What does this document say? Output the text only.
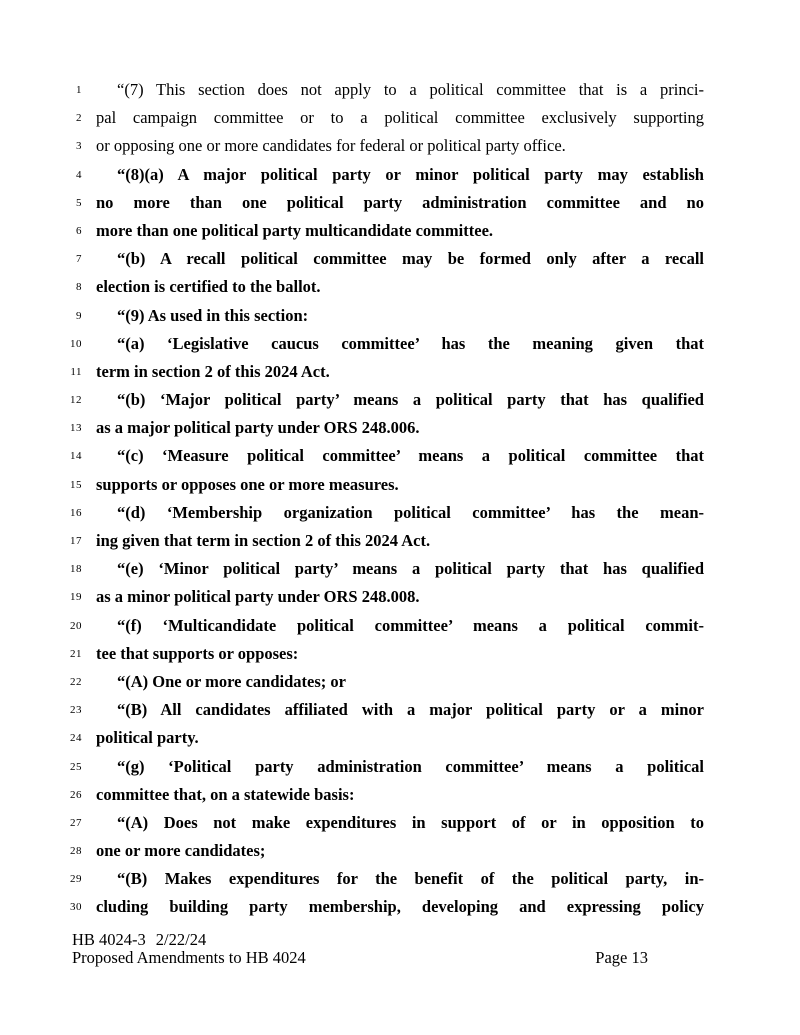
1	“(7) This section does not apply to a political committee that is a princi-
2 pal campaign committee or to a political committee exclusively supporting
3 or opposing one or more candidates for federal or political party office.
4	“(8)(a) A major political party or minor political party may establish
5 no more than one political party administration committee and no
6 more than one political party multicandidate committee.
7	“(b) A recall political committee may be formed only after a recall
8 election is certified to the ballot.
9	“(9) As used in this section:
10	“(a) ‘Legislative caucus committee’ has the meaning given that
11 term in section 2 of this 2024 Act.
12	“(b) ‘Major political party’ means a political party that has qualified
13 as a major political party under ORS 248.006.
14	“(c) ‘Measure political committee’ means a political committee that
15 supports or opposes one or more measures.
16	“(d) ‘Membership organization political committee’ has the mean-
17 ing given that term in section 2 of this 2024 Act.
18	“(e) ‘Minor political party’ means a political party that has qualified
19 as a minor political party under ORS 248.008.
20	“(f) ‘Multicandidate political committee’ means a political commit-
21 tee that supports or opposes:
22	“(A) One or more candidates; or
23	“(B) All candidates affiliated with a major political party or a minor
24 political party.
25	“(g) ‘Political party administration committee’ means a political
26 committee that, on a statewide basis:
27	“(A) Does not make expenditures in support of or in opposition to
28 one or more candidates;
29	“(B) Makes expenditures for the benefit of the political party, in-
30 cluding building party membership, developing and expressing policy
HB 4024-3 2/22/24
Proposed Amendments to HB 4024	Page 13
